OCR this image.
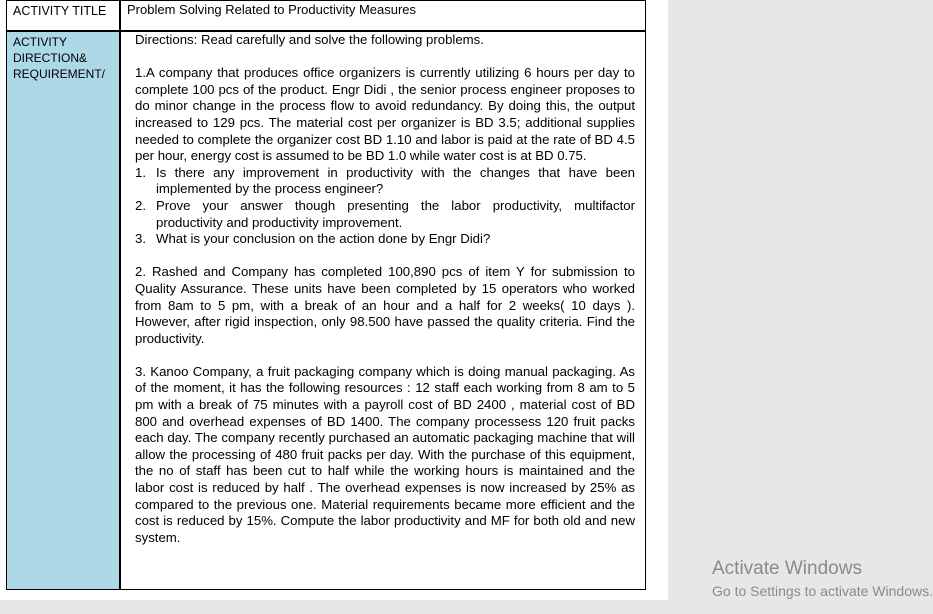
ACTIVITY TITLE Problem Solving Related to Productivity Measures
ACTIVITY
DIRECTION&
REQUIREMENT/

Directions: Read carefully and solve the following problems.

1.A company that produces office organizers is currently utilizing 6 hours per day to complete 100 pcs of the product. Engr Didi , the senior process engineer proposes to do minor change in the process flow to avoid redundancy. By doing this, the output increased to 129 pcs. The material cost per organizer is BD 3.5; additional supplies needed to complete the organizer cost BD 1.10 and labor is paid at the rate of BD 4.5 per hour, energy cost is assumed to be BD 1.0 while water cost is at BD 0.75.

1. Is there any improvement in productivity with the changes that have been implemented by the process engineer?
2. Prove your answer though presenting the labor productivity, multifactor productivity and productivity improvement.
3. What is your conclusion on the action done by Engr Didi?

2. Rashed and Company has completed 100,890 pcs of item Y for submission to Quality Assurance. These units have been completed by 15 operators who worked from 8am to 5 pm, with a break of an hour and a half for 2 weeks( 10 days ). However, after rigid inspection, only 98.500 have passed the quality criteria. Find the productivity.

3. Kanoo Company, a fruit packaging company which is doing manual packaging. As of the moment, it has the following resources : 12 staff each working from 8 am to 5 pm with a break of 75 minutes with a payroll cost of BD 2400 , material cost of BD 800 and overhead expenses of BD 1400. The company processess 120 fruit packs each day. The company recently purchased an automatic packaging machine that will allow the processing of 480 fruit packs per day. With the purchase of this equipment, the no of staff has been cut to half while the working hours is maintained and the labor cost is reduced by half . The overhead expenses is now increased by 25% as compared to the previous one. Material requirements became more efficient and the cost is reduced by 15%. Compute the labor productivity and MF for both old and new system.

Activate Windows
Go to Settings to activate Windows.
